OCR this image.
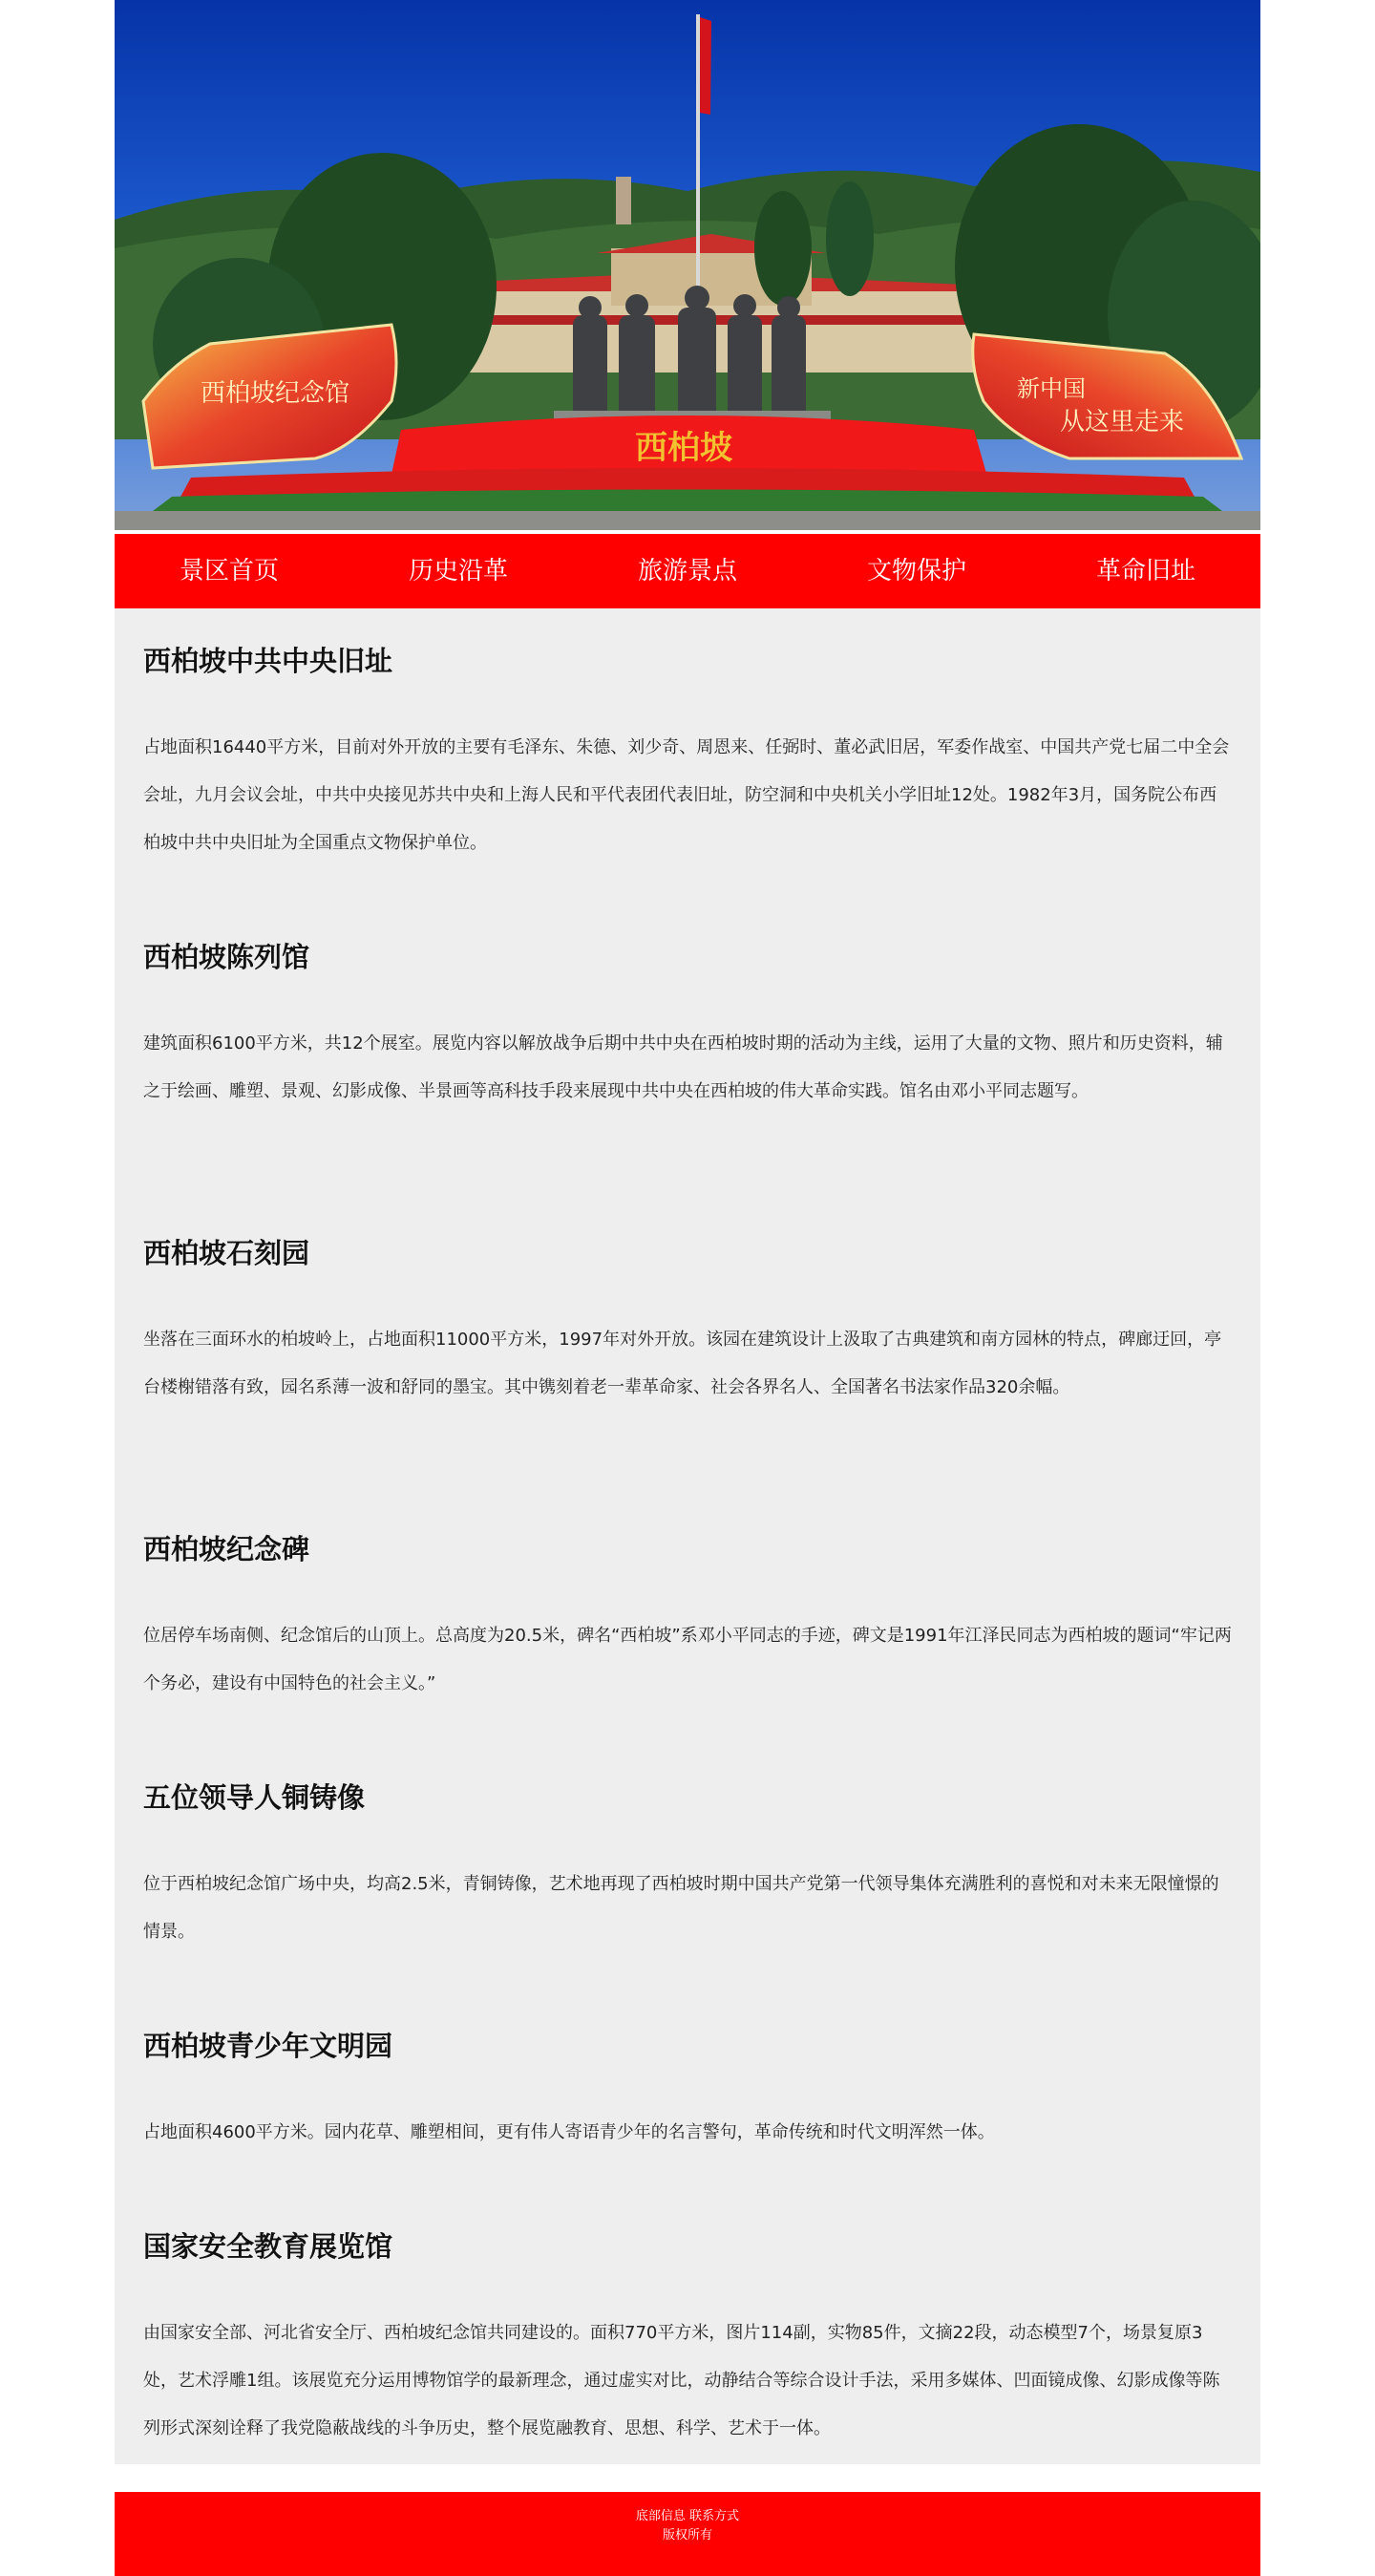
西柏坡纪念馆	新中国
从这里走来
西柏坡
景区首页	历史沿革	旅游景点	文物保护	革命旧址
西柏坡中共中央旧址

占地面积16440平方米，目前对外开放的主要有毛泽东、朱德、刘少奇、周恩来、任弼时、董必武旧居，军委作战室、中国共产党七届二中全会会址，九月会议会址，中共中央接见苏共中央和上海人民和平代表团代表旧址，防空洞和中央机关小学旧址12处。1982年3月，国务院公布西柏坡中共中央旧址为全国重点文物保护单位。

西柏坡陈列馆

建筑面积6100平方米，共12个展室。展览内容以解放战争后期中共中央在西柏坡时期的活动为主线，运用了大量的文物、照片和历史资料，辅之于绘画、雕塑、景观、幻影成像、半景画等高科技手段来展现中共中央在西柏坡的伟大革命实践。馆名由邓小平同志题写。

西柏坡石刻园

坐落在三面环水的柏坡岭上，占地面积11000平方米，1997年对外开放。该园在建筑设计上汲取了古典建筑和南方园林的特点，碑廊迂回，亭台楼榭错落有致，园名系薄一波和舒同的墨宝。其中镌刻着老一辈革命家、社会各界名人、全国著名书法家作品320余幅。

西柏坡纪念碑

位居停车场南侧、纪念馆后的山顶上。总高度为20.5米，碑名“西柏坡”系邓小平同志的手迹，碑文是1991年江泽民同志为西柏坡的题词“牢记两个务必，建设有中国特色的社会主义。”

五位领导人铜铸像

位于西柏坡纪念馆广场中央，均高2.5米，青铜铸像，艺术地再现了西柏坡时期中国共产党第一代领导集体充满胜利的喜悦和对未来无限憧憬的情景。

西柏坡青少年文明园

占地面积4600平方米。园内花草、雕塑相间，更有伟人寄语青少年的名言警句，革命传统和时代文明浑然一体。

国家安全教育展览馆

由国家安全部、河北省安全厅、西柏坡纪念馆共同建设的。面积770平方米，图片114副，实物85件，文摘22段，动态模型7个，场景复原3处，艺术浮雕1组。该展览充分运用博物馆学的最新理念，通过虚实对比，动静结合等综合设计手法，采用多媒体、凹面镜成像、幻影成像等陈列形式深刻诠释了我党隐蔽战线的斗争历史，整个展览融教育、思想、科学、艺术于一体。

底部信息 联系方式
版权所有
